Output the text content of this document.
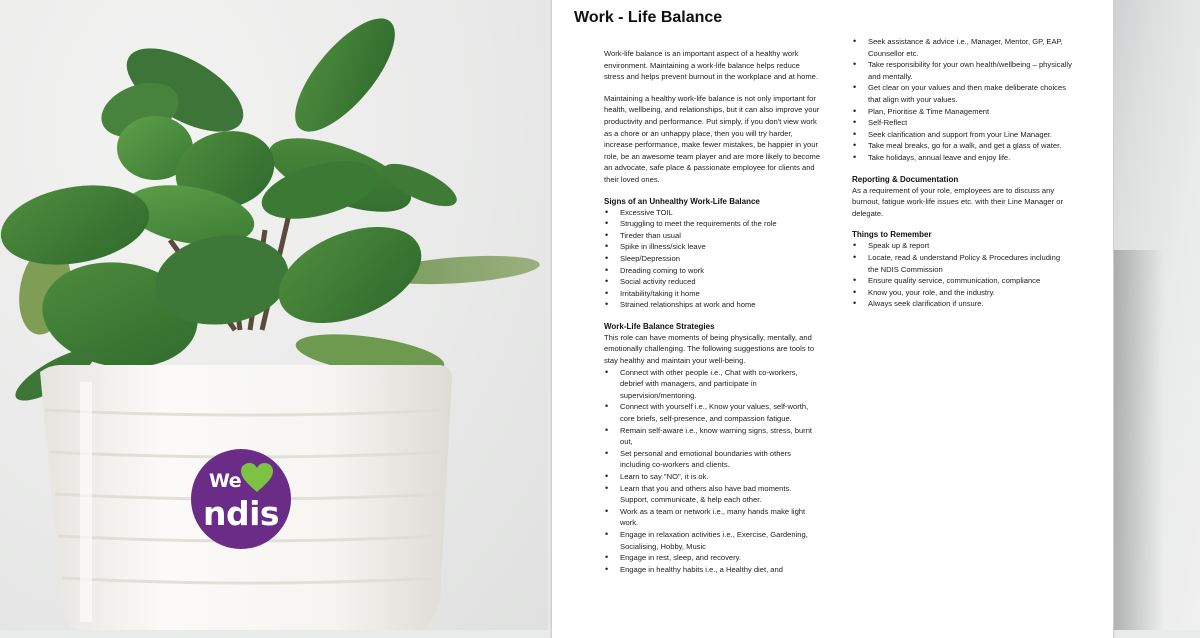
We
ndis
Work - Life Balance

Work-life balance is an important aspect of a healthy work environment. Maintaining a work-life balance helps reduce stress and helps prevent burnout in the workplace and at home.

Maintaining a healthy work-life balance is not only important for health, wellbeing, and relationships, but it can also improve your productivity and performance. Put simply, if you don't view work as a chore or an unhappy place, then you will try harder, increase performance, make fewer mistakes, be happier in your role, be an awesome team player and are more likely to become an advocate, safe place & passionate employee for clients and their loved ones.

Signs of an Unhealthy Work-Life Balance
• Excessive TOIL
• Struggling to meet the requirements of the role
• Tireder than usual
• Spike in illness/sick leave
• Sleep/Depression
• Dreading coming to work
• Social activity reduced
• Irritability/taking it home
• Strained relationships at work and home
Work-Life Balance Strategies

This role can have moments of being physically, mentally, and emotionally challenging. The following suggestions are tools to stay healthy and maintain your well-being.

• Connect with other people i.e., Chat with co-workers, debrief with managers, and participate in supervision/mentoring.
• Connect with yourself i.e., Know your values, self-worth, core briefs, self-presence, and compassion fatigue.
• Remain self-aware i.e., know warning signs, stress, burnt out,
• Set personal and emotional boundaries with others including co-workers and clients.
• Learn to say "NO", it is ok.
• Learn that you and others also have bad moments. Support, communicate, & help each other.
• Work as a team or network i.e., many hands make light work.
• Engage in relaxation activities i.e., Exercise, Gardening, Socialising, Hobby, Music
• Engage in rest, sleep, and recovery.
• Engage in healthy habits i.e., a Healthy diet, and
• Seek assistance & advice i.e., Manager, Mentor, GP, EAP, Counsellor etc.
• Take responsibility for your own health/wellbeing – physically and mentally.
• Get clear on your values and then make deliberate choices that align with your values.
• Plan, Prioritise & Time Management
• Self-Reflect
• Seek clarification and support from your Line Manager.
• Take meal breaks, go for a walk, and get a glass of water.
• Take holidays, annual leave and enjoy life.
Reporting & Documentation

As a requirement of your role, employees are to discuss any burnout, fatigue work-life issues etc. with their Line Manager or delegate.

Things to Remember
• Speak up & report
• Locate, read & understand Policy & Procedures including the NDIS Commission
• Ensure quality service, communication, compliance
• Know you, your role, and the industry.
• Always seek clarification if unsure.
